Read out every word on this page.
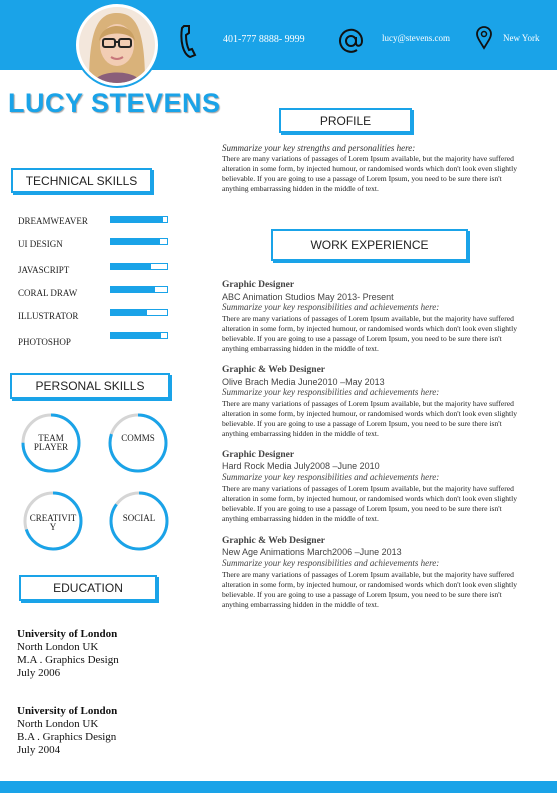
401-777 8888- 9999	lucy@stevens.com	New York
LUCY STEVENS
TECHNICAL SKILLS
DREAMWEAVER
UI DESIGN
JAVASCRIPT
CORAL DRAW
ILLUSTRATOR
PHOTOSHOP
PERSONAL SKILLS
TEAM
PLAYER
COMMS

CREATIVIT
Y
SOCIAL

EDUCATION
University of London
North London UK
M.A . Graphics Design
July 2006
University of London
North London UK
B.A . Graphics Design
July 2004
PROFILE
Summarize your key strengths and personalities here:
There are many variations of passages of Lorem Ipsum available, but the majority have suffered alteration in some form, by injected humour, or randomised words which don't look even slightly believable. If you are going to use a passage of Lorem Ipsum, you need to be sure there isn't anything embarrassing hidden in the middle of text.
WORK EXPERIENCE
Graphic Designer
ABC Animation Studios May 2013- Present
Summarize your key responsibilities and achievements here:
There are many variations of passages of Lorem Ipsum available, but the majority have suffered alteration in some form, by injected humour, or randomised words which don't look even slightly believable. If you are going to use a passage of Lorem Ipsum, you need to be sure there isn't anything embarrassing hidden in the middle of text.
Graphic & Web Designer
Olive Brach Media June2010 –May 2013
Summarize your key responsibilities and achievements here:
There are many variations of passages of Lorem Ipsum available, but the majority have suffered alteration in some form, by injected humour, or randomised words which don't look even slightly believable. If you are going to use a passage of Lorem Ipsum, you need to be sure there isn't anything embarrassing hidden in the middle of text.
Graphic Designer
Hard Rock Media July2008 –June 2010
Summarize your key responsibilities and achievements here:
There are many variations of passages of Lorem Ipsum available, but the majority have suffered alteration in some form, by injected humour, or randomised words which don't look even slightly believable. If you are going to use a passage of Lorem Ipsum, you need to be sure there isn't anything embarrassing hidden in the middle of text.
Graphic & Web Designer
New Age Animations March2006 –June 2013
Summarize your key responsibilities and achievements here:
There are many variations of passages of Lorem Ipsum available, but the majority have suffered alteration in some form, by injected humour, or randomised words which don't look even slightly believable. If you are going to use a passage of Lorem Ipsum, you need to be sure there isn't anything embarrassing hidden in the middle of text.
